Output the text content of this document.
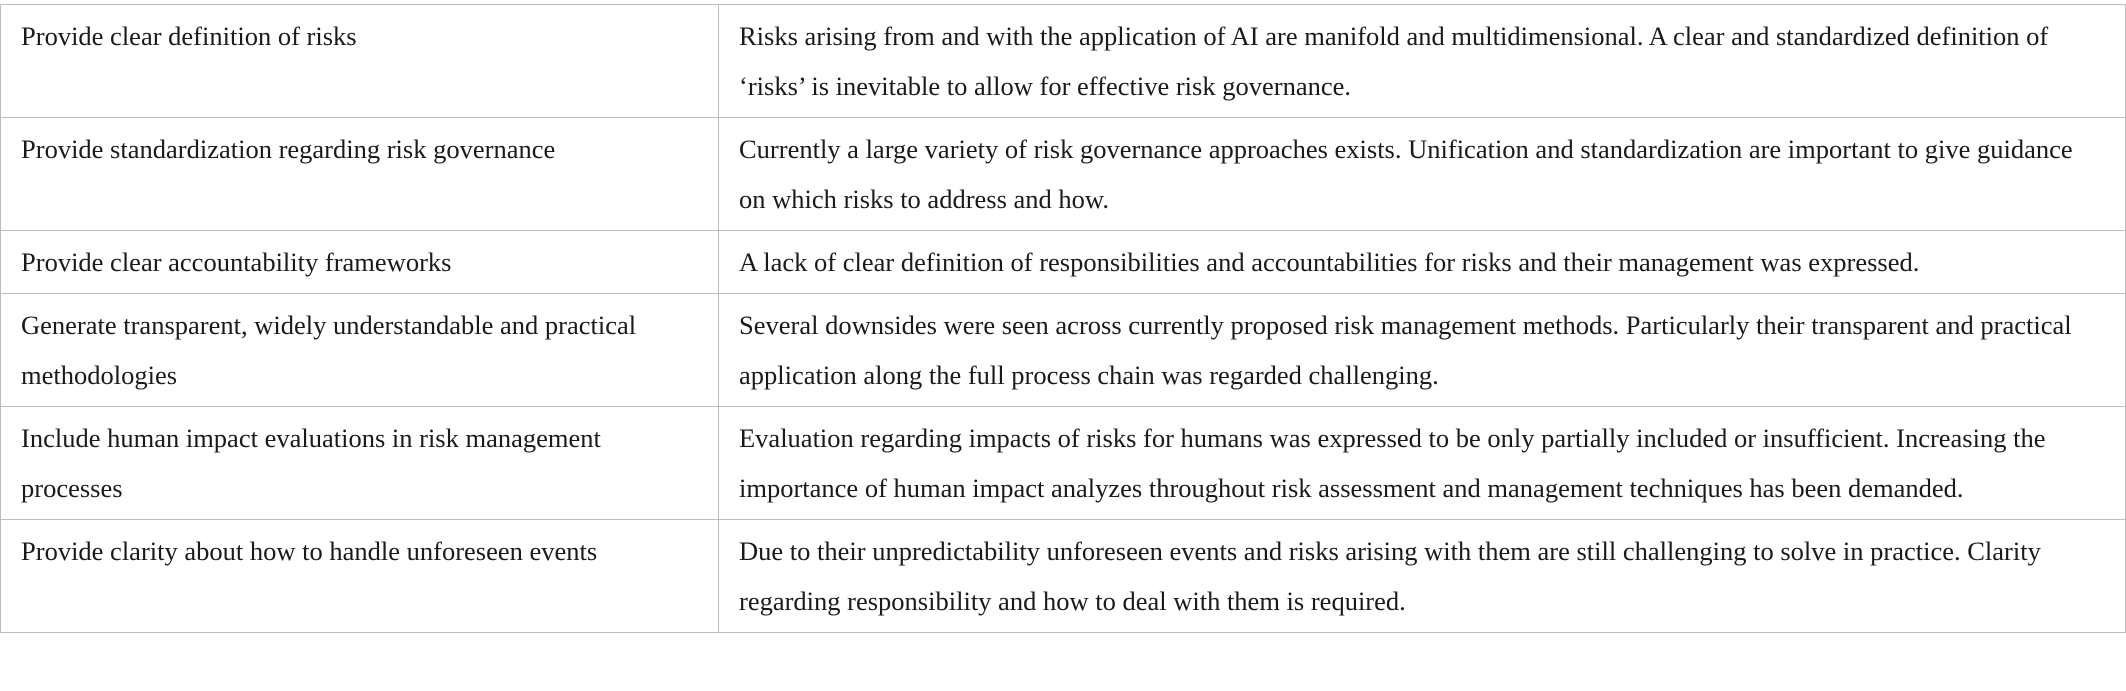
Provide clear definition of risks	Risks arising from and with the application of AI are manifold and multidimensional. A clear and standardized definition of ‘risks’ is inevitable to allow for effective risk governance.
Provide standardization regarding risk governance	Currently a large variety of risk governance approaches exists. Unification and standardization are important to give guidance on which risks to address and how.
Provide clear accountability frameworks	A lack of clear definition of responsibilities and accountabilities for risks and their management was expressed.
Generate transparent, widely understandable and practical methodologies	Several downsides were seen across currently proposed risk management methods. Particularly their transparent and practical application along the full process chain was regarded challenging.
Include human impact evaluations in risk management processes	Evaluation regarding impacts of risks for humans was expressed to be only partially included or insufficient. Increasing the importance of human impact analyzes throughout risk assessment and management techniques has been demanded.
Provide clarity about how to handle unforeseen events	Due to their unpredictability unforeseen events and risks arising with them are still challenging to solve in practice. Clarity regarding responsibility and how to deal with them is required.
